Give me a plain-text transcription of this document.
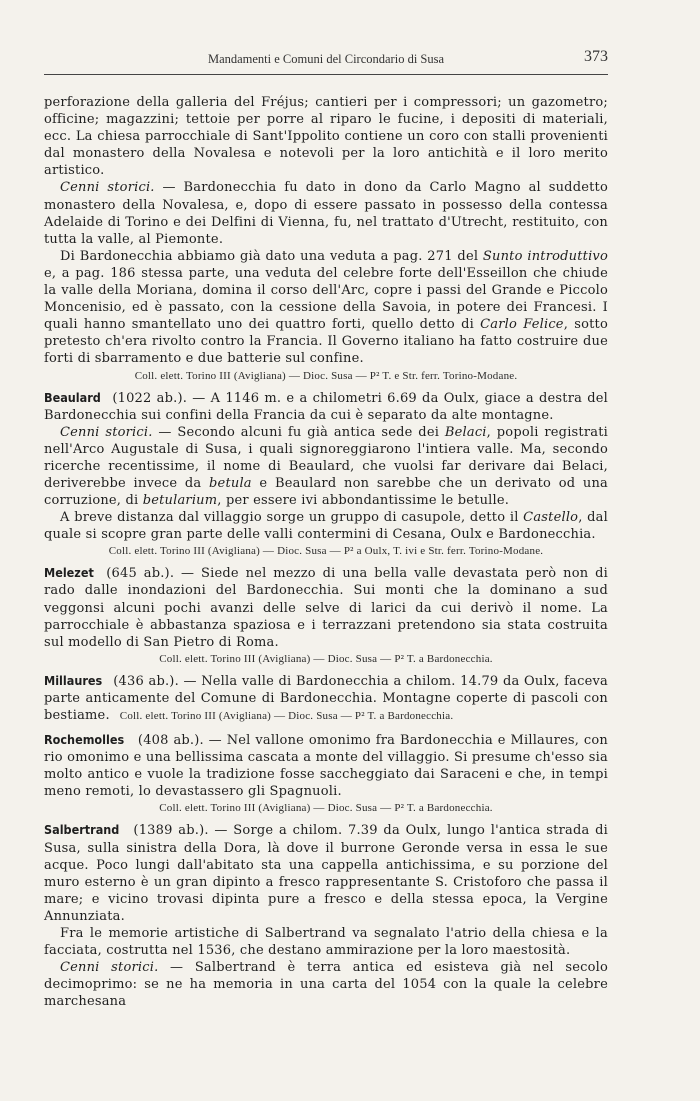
Mandamenti e Comuni del Circondario di Susa	373

perforazione della galleria del Fréjus; cantieri per i compressori; un gazometro; officine; magazzini; tettoie per porre al riparo le fucine, i depositi di materiali, ecc. La chiesa parrocchiale di Sant'Ippolito contiene un coro con stalli provenienti dal monastero della Novalesa e notevoli per la loro antichità e il loro merito artistico.

Cenni storici. — Bardonecchia fu dato in dono da Carlo Magno al suddetto monastero della Novalesa, e, dopo di essere passato in possesso della contessa Adelaide di Torino e dei Delfini di Vienna, fu, nel trattato d'Utrecht, restituito, con tutta la valle, al Piemonte.

Di Bardonecchia abbiamo già dato una veduta a pag. 271 del Sunto introduttivo e, a pag. 186 stessa parte, una veduta del celebre forte dell'Esseillon che chiude la valle della Moriana, domina il corso dell'Arc, copre i passi del Grande e Piccolo Moncenisio, ed è passato, con la cessione della Savoia, in potere dei Francesi. I quali hanno smantellato uno dei quattro forti, quello detto di Carlo Felice, sotto pretesto ch'era rivolto contro la Francia. Il Governo italiano ha fatto costruire due forti di sbarramento e due batterie sul confine.

Coll. elett. Torino III (Avigliana) — Dioc. Susa — P² T. e Str. ferr. Torino-Modane.

Beaulard (1022 ab.). — A 1146 m. e a chilometri 6.69 da Oulx, giace a destra del Bardonecchia sui confini della Francia da cui è separato da alte montagne.

Cenni storici. — Secondo alcuni fu già antica sede dei Belaci, popoli registrati nell'Arco Augustale di Susa, i quali signoreggiarono l'intiera valle. Ma, secondo ricerche recentissime, il nome di Beaulard, che vuolsi far derivare dai Belaci, deriverebbe invece da betula e Beaulard non sarebbe che un derivato od una corruzione, di betularium, per essere ivi abbondantissime le betulle.

A breve distanza dal villaggio sorge un gruppo di casupole, detto il Castello, dal quale si scopre gran parte delle valli contermini di Cesana, Oulx e Bardonecchia.

Coll. elett. Torino III (Avigliana) — Dioc. Susa — P² a Oulx, T. ivi e Str. ferr. Torino-Modane.

Melezet (645 ab.). — Siede nel mezzo di una bella valle devastata però non di rado dalle inondazioni del Bardonecchia. Sui monti che la dominano a sud veggonsi alcuni pochi avanzi delle selve di larici da cui derivò il nome. La parrocchiale è abbastanza spaziosa e i terrazzani pretendono sia stata costruita sul modello di San Pietro di Roma.

Coll. elett. Torino III (Avigliana) — Dioc. Susa — P² T. a Bardonecchia.

Millaures (436 ab.). — Nella valle di Bardonecchia a chilom. 14.79 da Oulx, faceva parte anticamente del Comune di Bardonecchia. Montagne coperte di pascoli con bestiame. Coll. elett. Torino III (Avigliana) — Dioc. Susa — P² T. a Bardonecchia.

Rochemolles (408 ab.). — Nel vallone omonimo fra Bardonecchia e Millaures, con rio omonimo e una bellissima cascata a monte del villaggio. Si presume ch'esso sia molto antico e vuole la tradizione fosse saccheggiato dai Saraceni e che, in tempi meno remoti, lo devastassero gli Spagnuoli.

Coll. elett. Torino III (Avigliana) — Dioc. Susa — P² T. a Bardonecchia.

Salbertrand (1389 ab.). — Sorge a chilom. 7.39 da Oulx, lungo l'antica strada di Susa, sulla sinistra della Dora, là dove il burrone Geronde versa in essa le sue acque. Poco lungi dall'abitato sta una cappella antichissima, e su porzione del muro esterno è un gran dipinto a fresco rappresentante S. Cristoforo che passa il mare; e vicino trovasi dipinta pure a fresco e della stessa epoca, la Vergine Annunziata.

Fra le memorie artistiche di Salbertrand va segnalato l'atrio della chiesa e la facciata, costrutta nel 1536, che destano ammirazione per la loro maestosità.

Cenni storici. — Salbertrand è terra antica ed esisteva già nel secolo decimoprimo: se ne ha memoria in una carta del 1054 con la quale la celebre marchesana
